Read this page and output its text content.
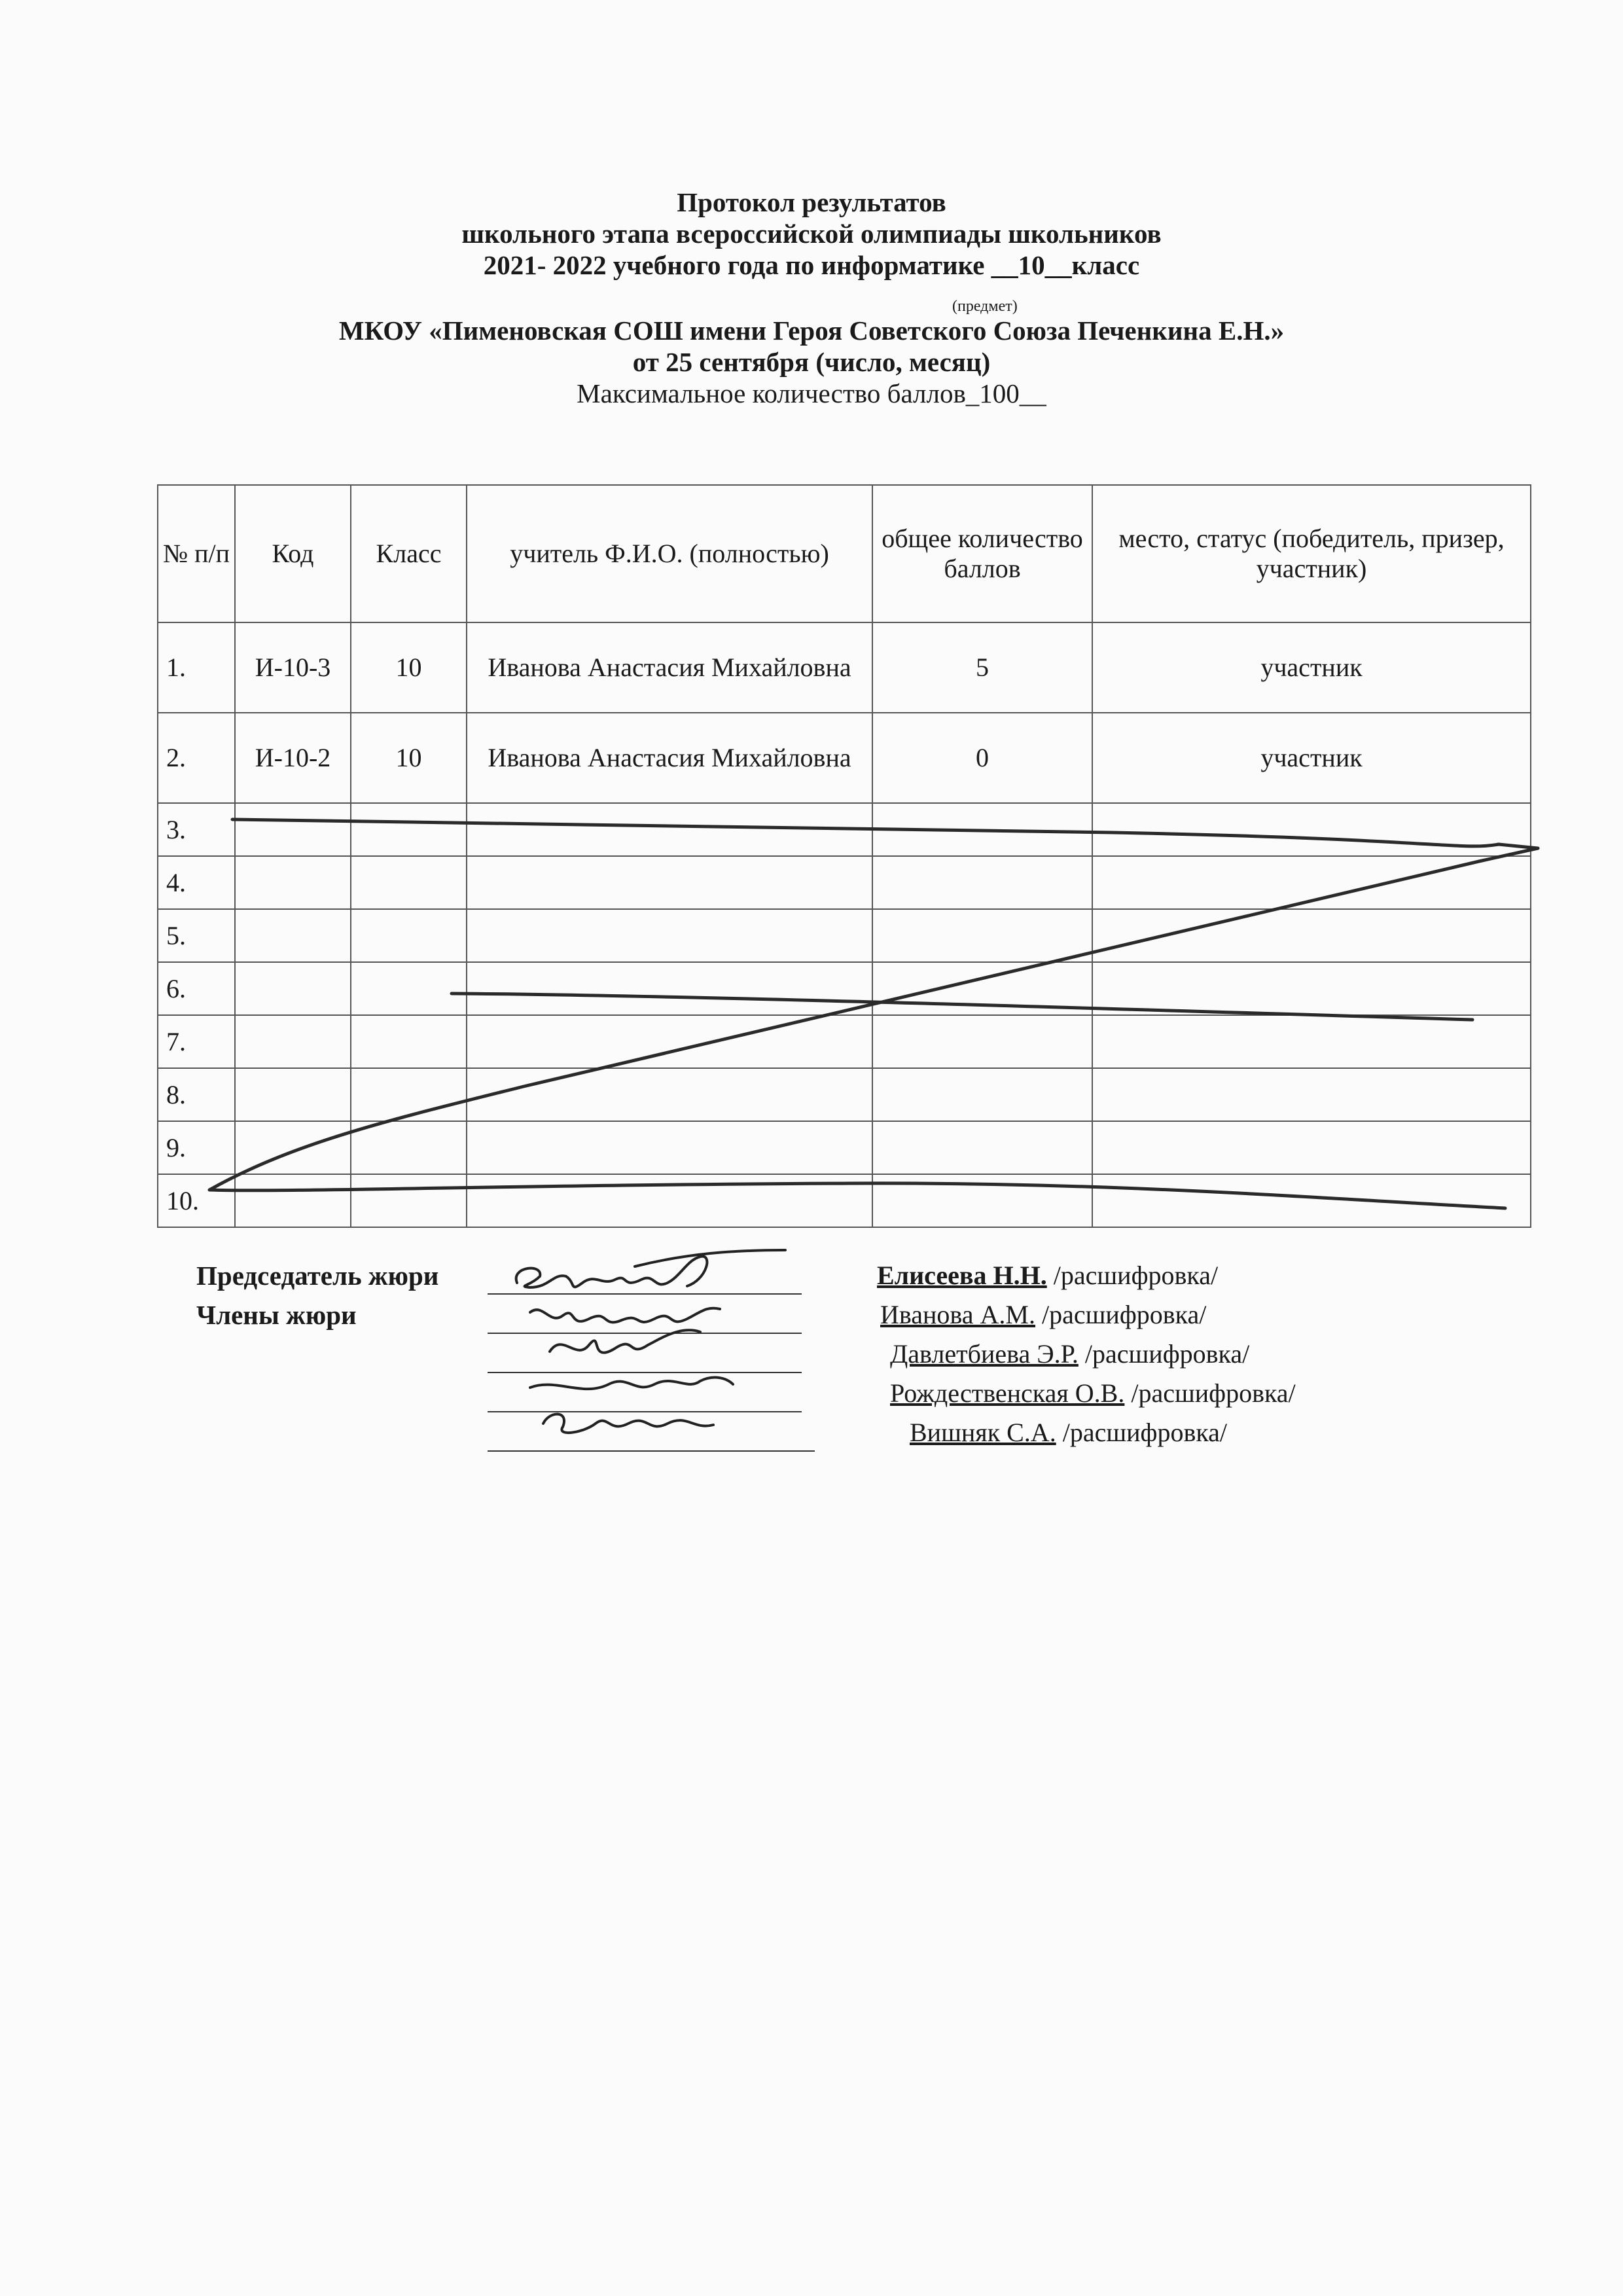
Протокол результатов
школьного этапа всероссийской олимпиады школьников
2021- 2022 учебного года по информатике __10__класс
МКОУ «Пименовская СОШ имени Героя Советского Союза Печенкина Е.Н.»
от 25 сентября (число, месяц)
Максимальное количество баллов_100__
(предмет)
№ п/п	Код	Класс	учитель Ф.И.О. (полностью)	общее количество баллов	место, статус (победитель, призер, участник)
1.	И-10-3	10	Иванова Анастасия Михайловна	5	участник
2.	И-10-2	10	Иванова Анастасия Михайловна	0	участник
3.					
4.					
5.					
6.					
7.					
8.					
9.					
10.					
Председатель жюри
Члены жюри
Елисеева Н.Н. /расшифровка/
Иванова А.М. /расшифровка/
Давлетбиева Э.Р. /расшифровка/
Рождественская О.В. /расшифровка/
Вишняк С.А. /расшифровка/
